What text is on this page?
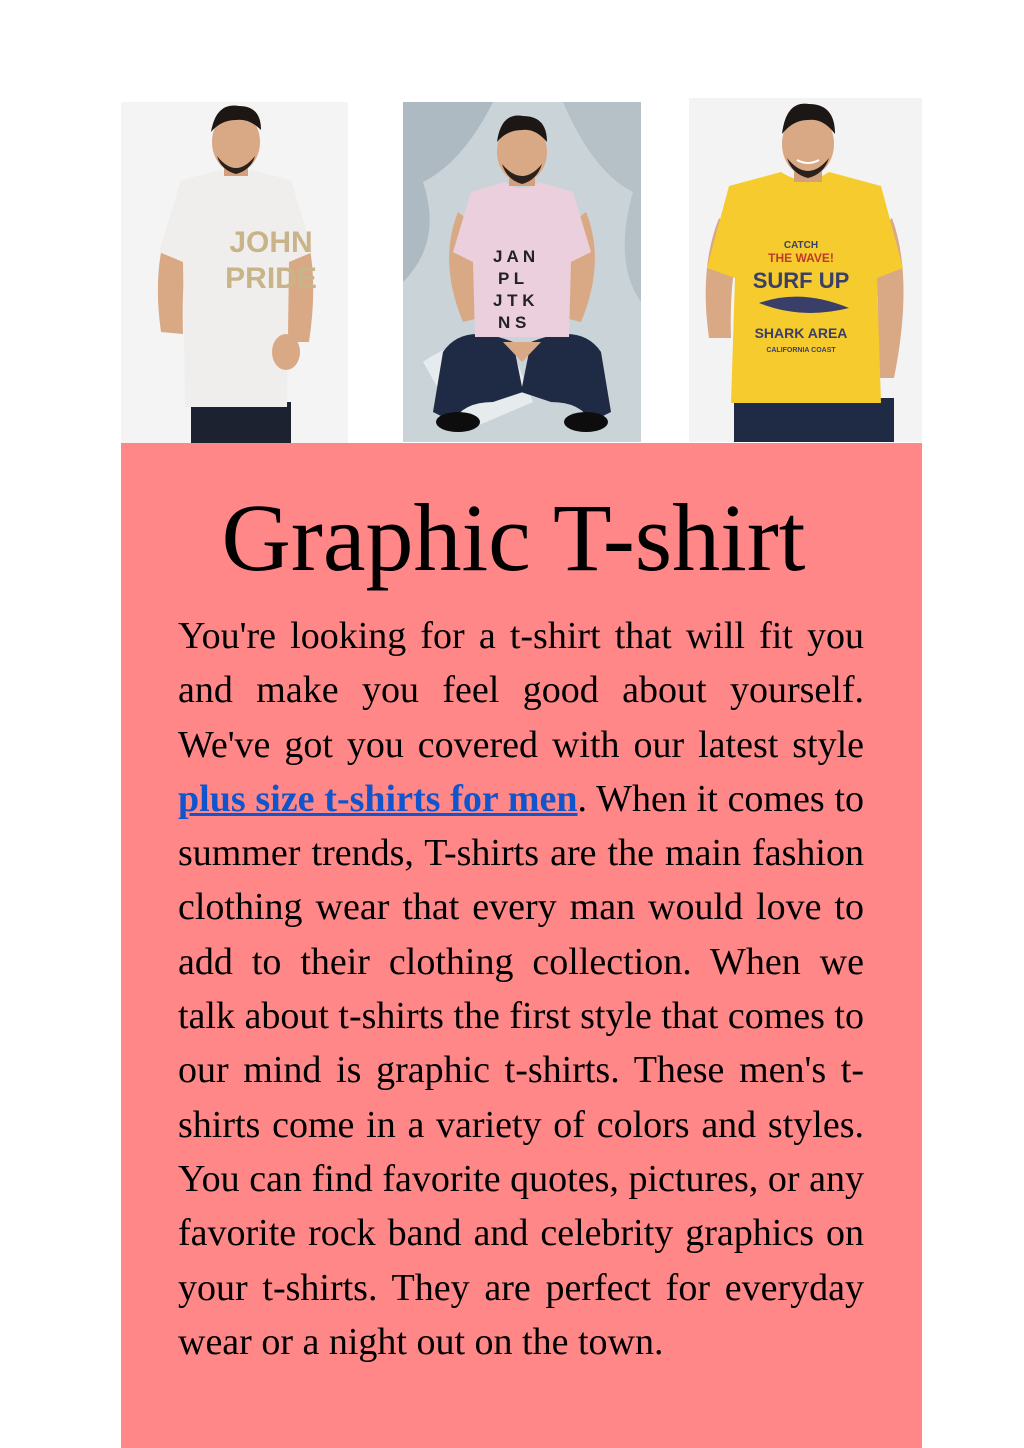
JOHN
PRIDE
J A N
P L
J T K
N S
CATCH
THE WAVE!
SURF UP
SHARK AREA
CALIFORNIA COAST
Graphic T-shirt

You're looking for a t-shirt that will fit you and make you feel good about yourself. We've got you covered with our latest style plus size t-shirts for men. When it comes to summer trends, T-shirts are the main fashion clothing wear that every man would love to add to their clothing collection. When we talk about t-shirts the first style that comes to our mind is graphic t-shirts. These men's t-shirts come in a variety of colors and styles. You can find favorite quotes, pictures, or any favorite rock band and celebrity graphics on your t-shirts. They are perfect for everyday wear or a night out on the town.
